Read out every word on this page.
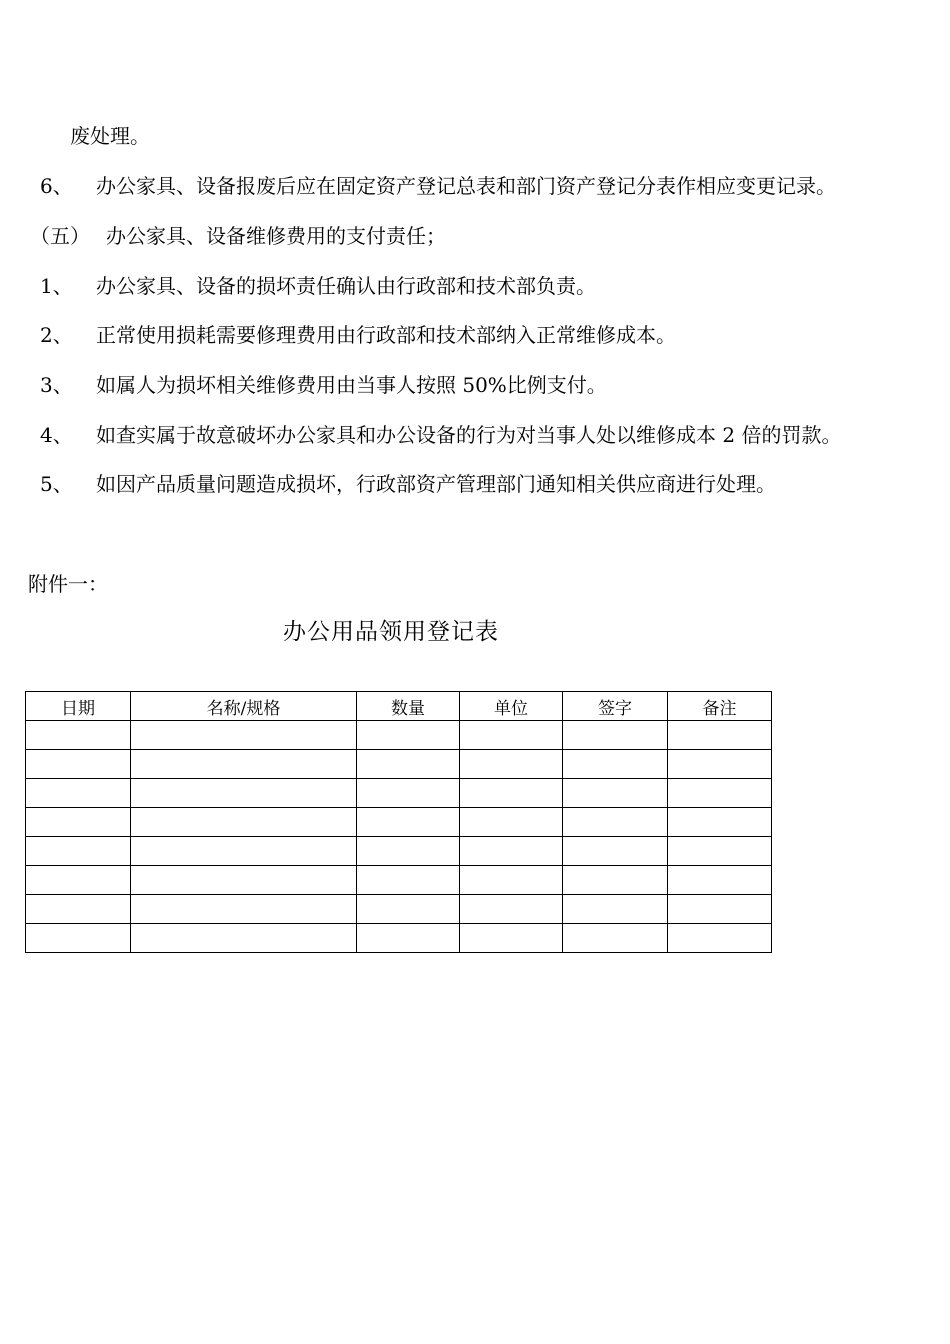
废处理。
6、 办公家具、设备报废后应在固定资产登记总表和部门资产登记分表作相应变更记录。
（五） 办公家具、设备维修费用的支付责任；
1、 办公家具、设备的损坏责任确认由行政部和技术部负责。
2、 正常使用损耗需要修理费用由行政部和技术部纳入正常维修成本。
3、 如属人为损坏相关维修费用由当事人按照 50%比例支付。
4、 如查实属于故意破坏办公家具和办公设备的行为对当事人处以维修成本 2 倍的罚款。
5、 如因产品质量问题造成损坏，行政部资产管理部门通知相关供应商进行处理。
附件一：
办公用品领用登记表
日期	名称/规格	数量	单位	签字	备注
